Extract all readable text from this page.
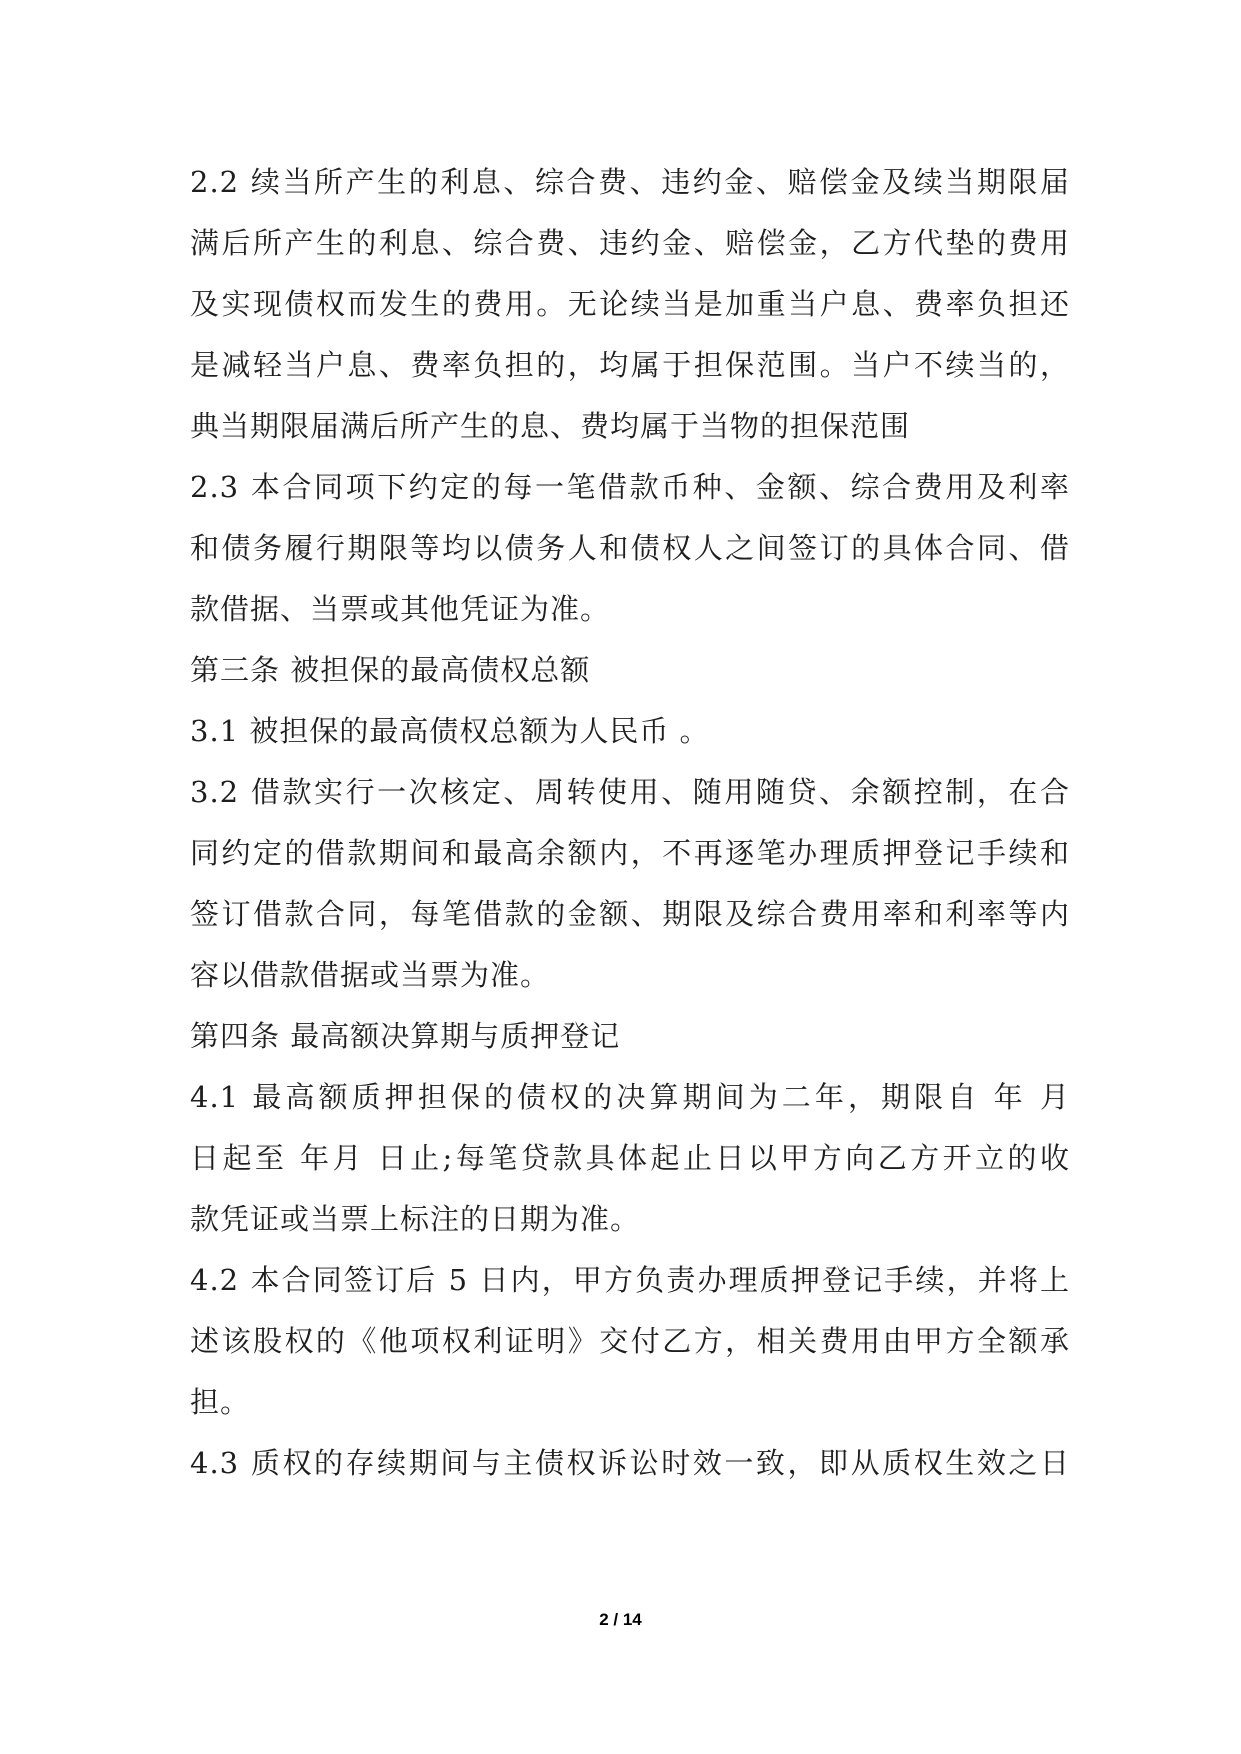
2.2 续当所产生的利息、综合费、违约金、赔偿金及续当期限届
满后所产生的利息、综合费、违约金、赔偿金，乙方代垫的费用
及实现债权而发生的费用。无论续当是加重当户息、费率负担还
是减轻当户息、费率负担的，均属于担保范围。当户不续当的，
典当期限届满后所产生的息、费均属于当物的担保范围
2.3 本合同项下约定的每一笔借款币种、金额、综合费用及利率
和债务履行期限等均以债务人和债权人之间签订的具体合同、借
款借据、当票或其他凭证为准。
第三条 被担保的最高债权总额
3.1 被担保的最高债权总额为人民币 。
3.2 借款实行一次核定、周转使用、随用随贷、余额控制，在合
同约定的借款期间和最高余额内，不再逐笔办理质押登记手续和
签订借款合同，每笔借款的金额、期限及综合费用率和利率等内
容以借款借据或当票为准。
第四条 最高额决算期与质押登记
4.1 最高额质押担保的债权的决算期间为二年，期限自 年 月
日起至 年月 日止;每笔贷款具体起止日以甲方向乙方开立的收
款凭证或当票上标注的日期为准。
4.2 本合同签订后 5 日内，甲方负责办理质押登记手续，并将上
述该股权的《他项权利证明》交付乙方，相关费用由甲方全额承
担。
4.3 质权的存续期间与主债权诉讼时效一致，即从质权生效之日
2 / 14
